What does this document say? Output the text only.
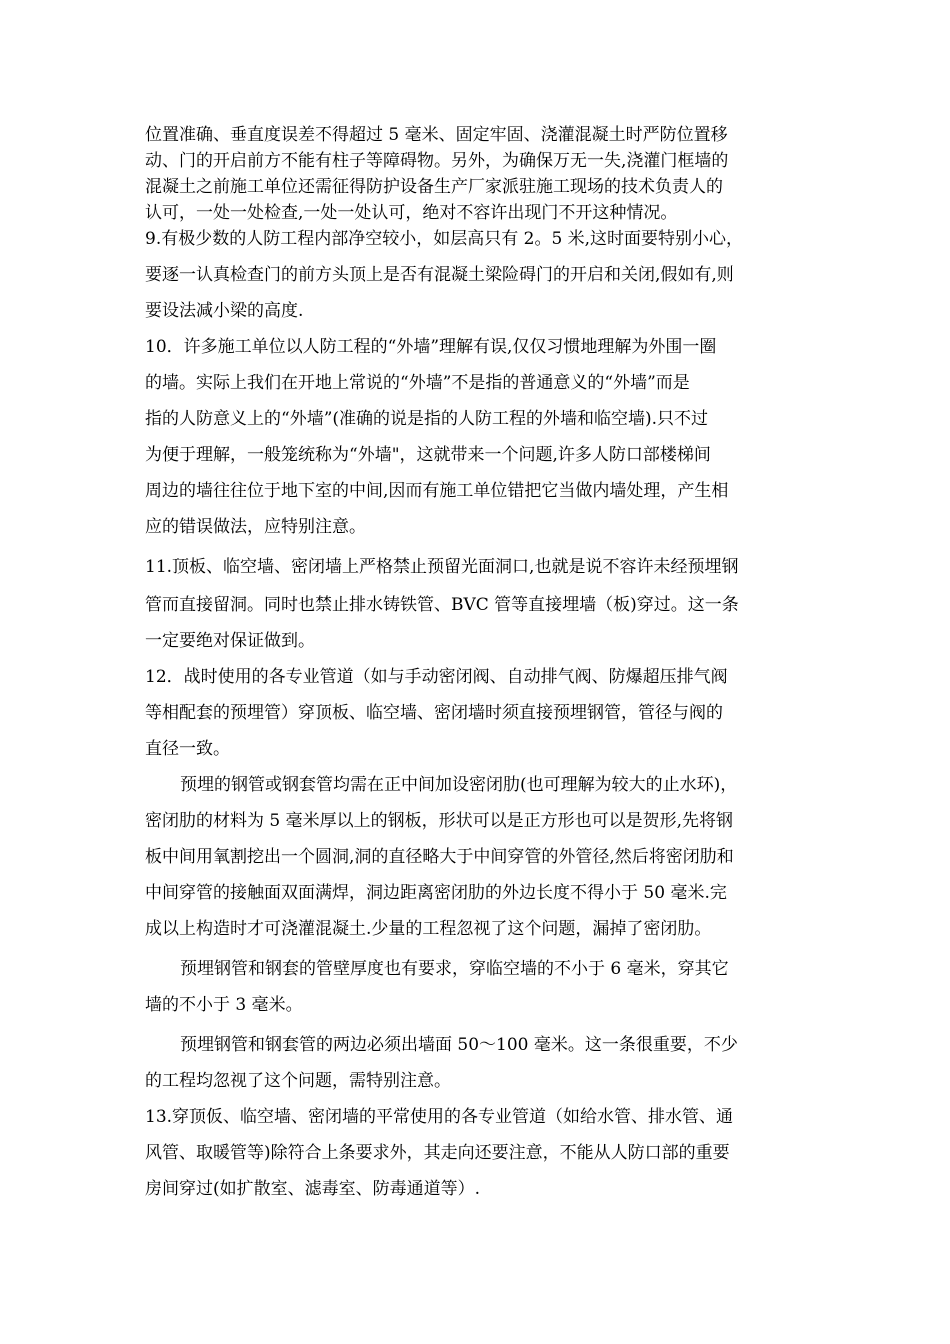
位置准确、垂直度误差不得超过 5 毫米、固定牢固、浇灌混凝土时严防位置移
动、门的开启前方不能有柱子等障碍物。另外，为确保万无一失,浇灌门框墙的
混凝土之前施工单位还需征得防护设备生产厂家派驻施工现场的技术负责人的
认可，一处一处检查,一处一处认可，绝对不容许出现门不开这种情况。
9.有极少数的人防工程内部净空较小，如层高只有 2。5 米,这时面要特别小心，
要逐一认真检查门的前方头顶上是否有混凝土梁险碍门的开启和关闭,假如有,则
要设法减小梁的高度.
10．许多施工单位以人防工程的“外墙”理解有误,仅仅习惯地理解为外围一圈
的墙。实际上我们在开地上常说的“外墙”不是指的普通意义的“外墙”而是
指的人防意义上的“外墙”(准确的说是指的人防工程的外墙和临空墙).只不过
为便于理解，一般笼统称为“外墙"，这就带来一个问题,许多人防口部楼梯间
周边的墙往往位于地下室的中间,因而有施工单位错把它当做内墙处理，产生相
应的错误做法，应特别注意。
11.顶板、临空墙、密闭墙上严格禁止预留光面洞口,也就是说不容许未经预埋钢
管而直接留洞。同时也禁止排水铸铁管、BVC 管等直接埋墙（板)穿过。这一条
一定要绝对保证做到。
12．战时使用的各专业管道（如与手动密闭阀、自动排气阀、防爆超压排气阀
等相配套的预埋管）穿顶板、临空墙、密闭墙时须直接预埋钢管，管径与阀的
直径一致。
预埋的钢管或钢套管均需在正中间加设密闭肋(也可理解为较大的止水环)，
密闭肋的材料为 5 毫米厚以上的钢板，形状可以是正方形也可以是贺形,先将钢
板中间用氧割挖出一个圆洞,洞的直径略大于中间穿管的外管径,然后将密闭肋和
中间穿管的接触面双面满焊，洞边距离密闭肋的外边长度不得小于 50 毫米.完
成以上构造时才可浇灌混凝土.少量的工程忽视了这个问题，漏掉了密闭肋。
预埋钢管和钢套的管壁厚度也有要求，穿临空墙的不小于 6 毫米，穿其它
墙的不小于 3 毫米。
预埋钢管和钢套管的两边必须出墙面 50～100 毫米。这一条很重要，不少
的工程均忽视了这个问题，需特别注意。
13.穿顶仮、临空墙、密闭墙的平常使用的各专业管道（如给水管、排水管、通
风管、取暖管等)除符合上条要求外，其走向还要注意，不能从人防口部的重要
房间穿过(如扩散室、滤毒室、防毒通道等）.
